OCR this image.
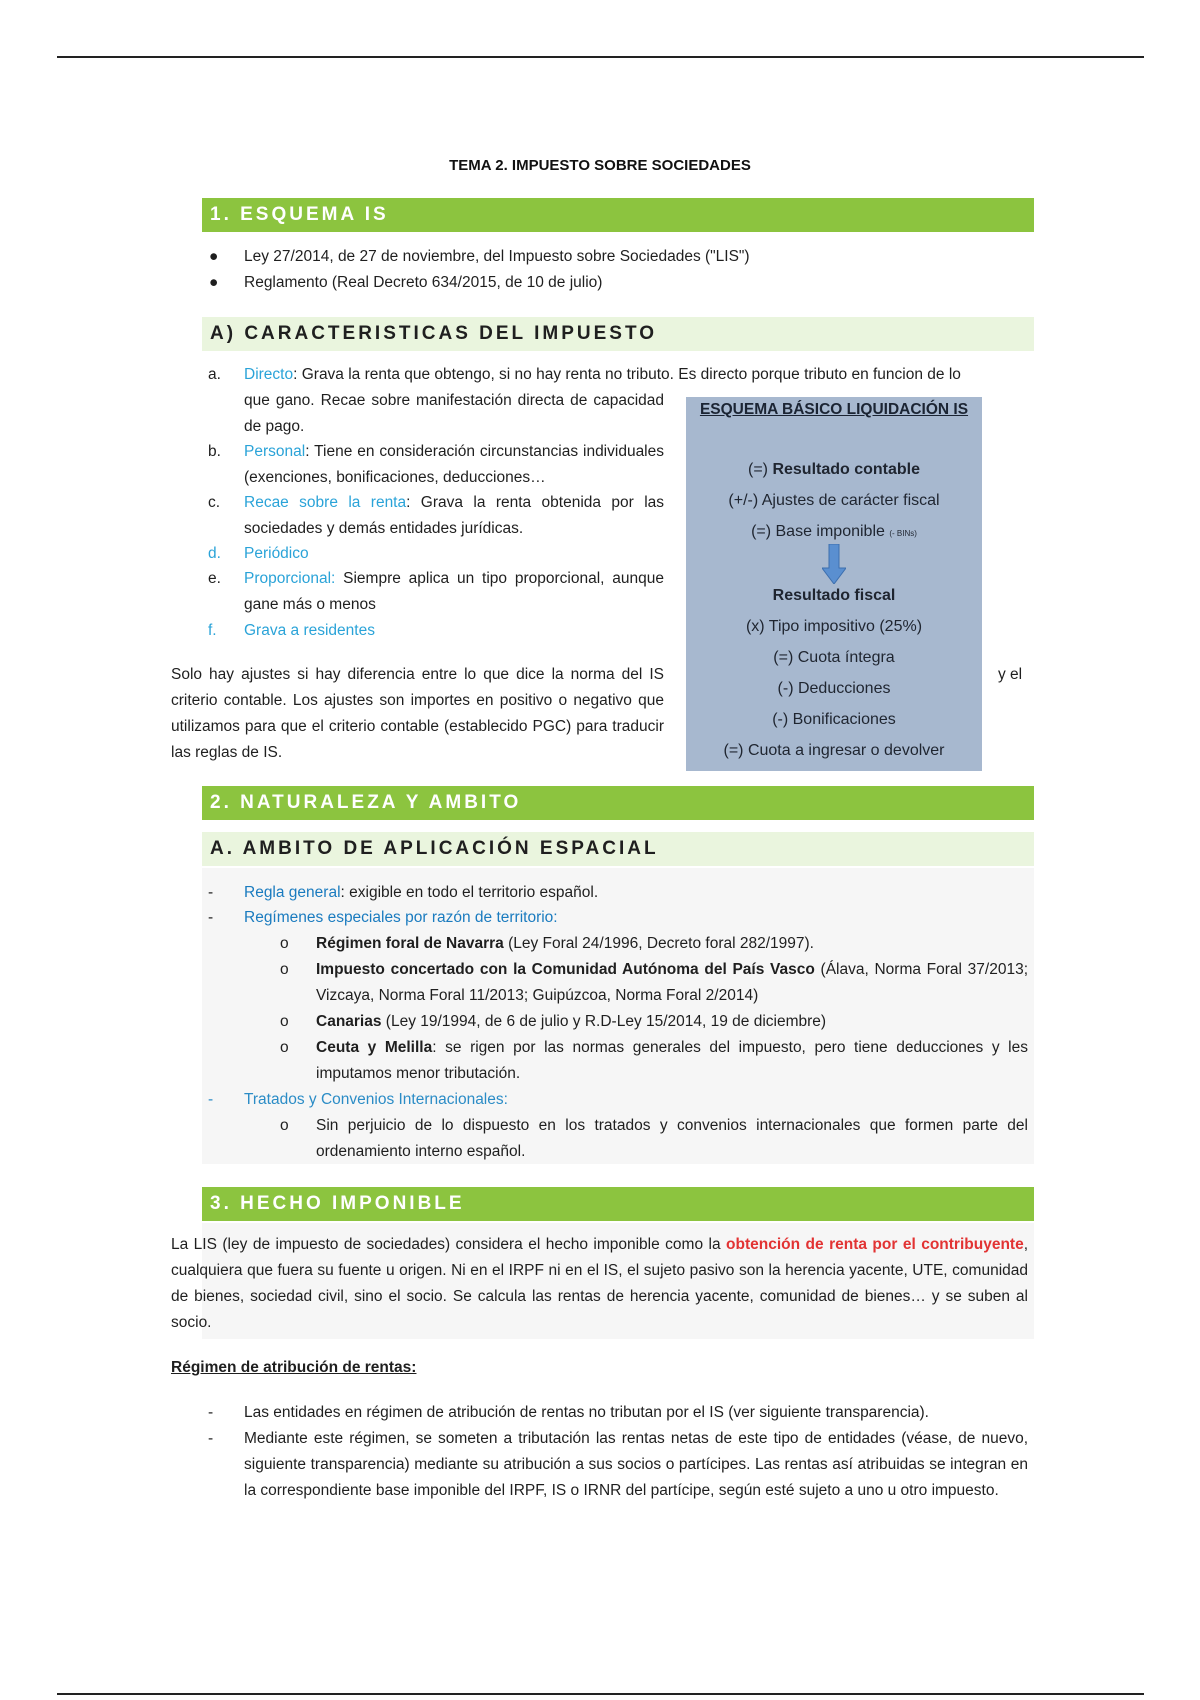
TEMA 2. IMPUESTO SOBRE SOCIEDADES
1. ESQUEMA IS
●	Ley 27/2014, de 27 de noviembre, del Impuesto sobre Sociedades ("LIS")
●	Reglamento (Real Decreto 634/2015, de 10 de julio)
A) CARACTERISTICAS DEL IMPUESTO
a. Directo: Grava la renta que obtengo, si no hay renta no tributo. Es directo porque tributo en funcion de lo
que gano. Recae sobre manifestación directa de capacidad de pago.
b. Personal: Tiene en consideración circunstancias individuales (exenciones, bonificaciones, deducciones…
c. Recae sobre la renta: Grava la renta obtenida por las sociedades y demás entidades jurídicas.
d. Periódico
e. Proporcional: Siempre aplica un tipo proporcional, aunque gane más o menos
f. Grava a residentes
Solo hay ajustes si hay diferencia entre lo que dice la norma del IS criterio contable. Los ajustes son importes en positivo o negativo que utilizamos para que el criterio contable (establecido PGC) para traducir las reglas de IS.
y el
ESQUEMA BÁSICO LIQUIDACIÓN IS
(=) Resultado contable
(+/-) Ajustes de carácter fiscal
(=) Base imponible (- BINs)
Resultado fiscal
(x) Tipo impositivo (25%)
(=) Cuota íntegra
(-) Deducciones
(-) Bonificaciones
(=) Cuota a ingresar o devolver
2. NATURALEZA Y AMBITO
A. AMBITO DE APLICACIÓN ESPACIAL
- Regla general: exigible en todo el territorio español.
- Regímenes especiales por razón de territorio:
o Régimen foral de Navarra (Ley Foral 24/1996, Decreto foral 282/1997).
o Impuesto concertado con la Comunidad Autónoma del País Vasco (Álava, Norma Foral 37/2013; Vizcaya, Norma Foral 11/2013; Guipúzcoa, Norma Foral 2/2014)
o Canarias (Ley 19/1994, de 6 de julio y R.D-Ley 15/2014, 19 de diciembre)
o Ceuta y Melilla: se rigen por las normas generales del impuesto, pero tiene deducciones y les imputamos menor tributación.
- Tratados y Convenios Internacionales:
o Sin perjuicio de lo dispuesto en los tratados y convenios internacionales que formen parte del ordenamiento interno español.
3. HECHO IMPONIBLE
La LIS (ley de impuesto de sociedades) considera el hecho imponible como la obtención de renta por el contribuyente, cualquiera que fuera su fuente u origen. Ni en el IRPF ni en el IS, el sujeto pasivo son la herencia yacente, UTE, comunidad de bienes, sociedad civil, sino el socio. Se calcula las rentas de herencia yacente, comunidad de bienes… y se suben al socio.
Régimen de atribución de rentas:
- Las entidades en régimen de atribución de rentas no tributan por el IS (ver siguiente transparencia).
- Mediante este régimen, se someten a tributación las rentas netas de este tipo de entidades (véase, de nuevo, siguiente transparencia) mediante su atribución a sus socios o partícipes. Las rentas así atribuidas se integran en la correspondiente base imponible del IRPF, IS o IRNR del partícipe, según esté sujeto a uno u otro impuesto.
